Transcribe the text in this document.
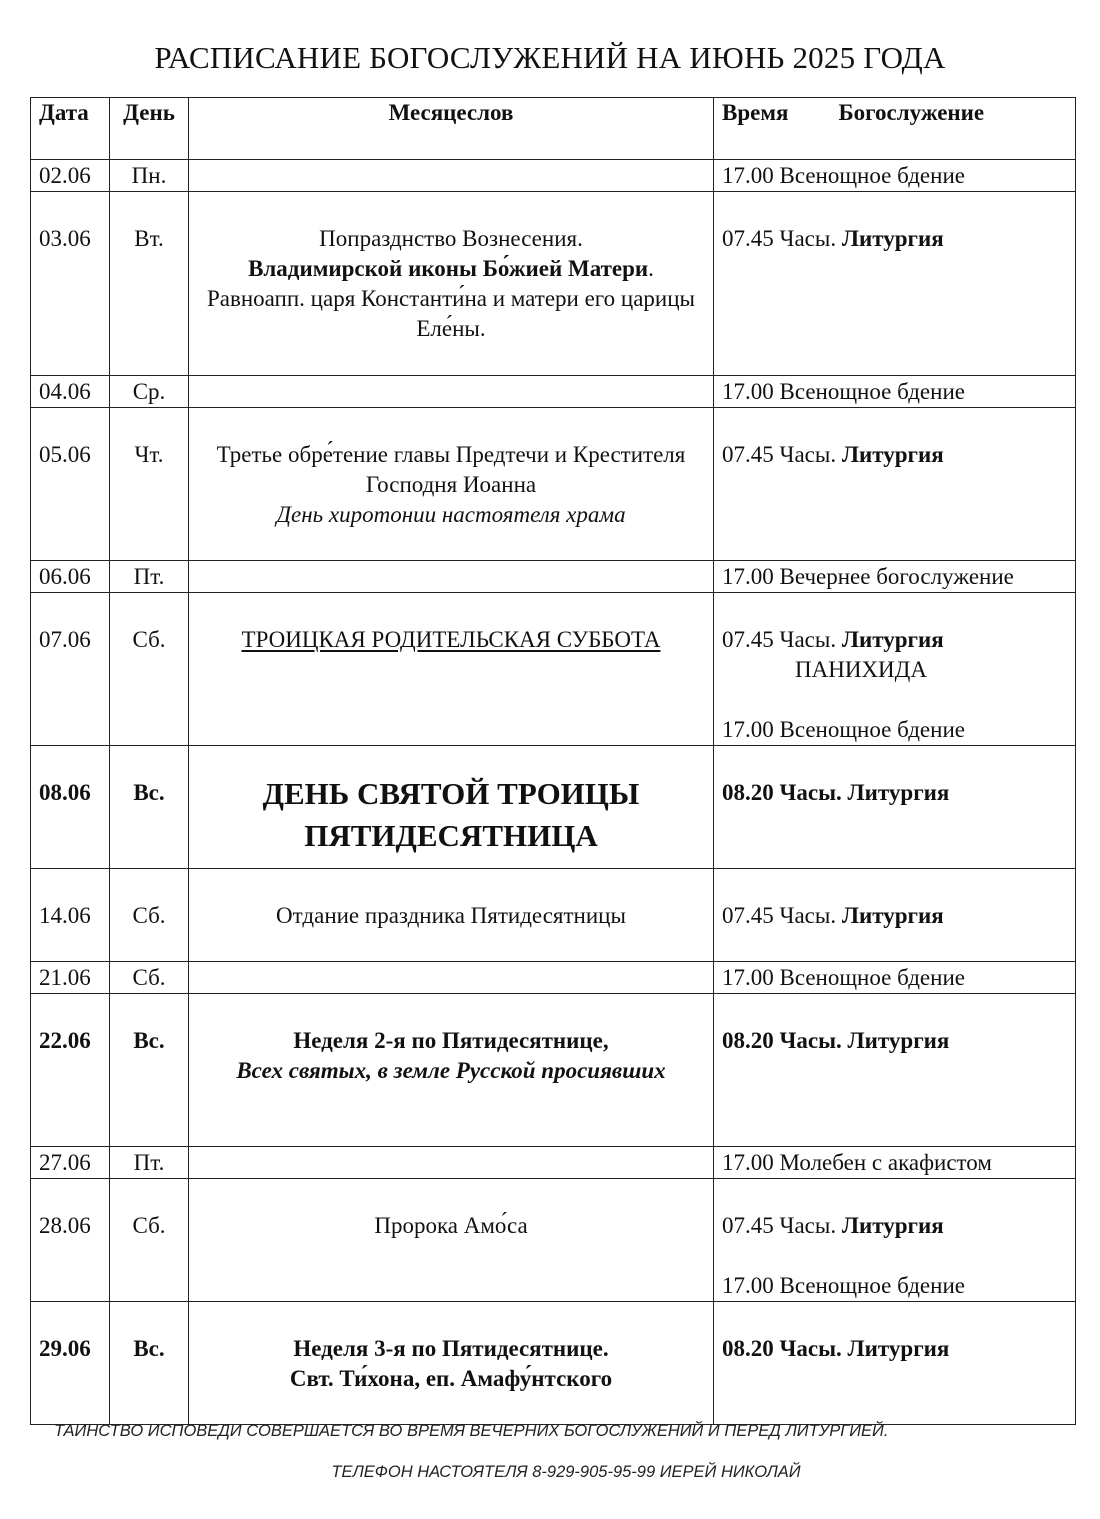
РАСПИСАНИЕ БОГОСЛУЖЕНИЙ НА ИЮНЬ 2025 ГОДА
Дата	День	Месяцеслов	Время Богослужение
02.06	Пн.		17.00 Всенощное бдение

03.06	Вт.	Попразднство Вознесения.
Владимирской иконы Бо́жией Матери.
Равноапп. царя Константи́на и матери его царицы Еле́ны.	07.45 Часы. Литургия

04.06	Ср.		17.00 Всенощное бдение

05.06	Чт.	Третье обре́тение главы Предтечи и Крестителя Господня Иоанна
День хиротонии настоятеля храма	07.45 Часы. Литургия

06.06	Пт.		17.00 Вечернее богослужение

07.06	Сб.	ТРОИЦКАЯ РОДИТЕЛЬСКАЯ СУББОТА	07.45 Часы. Литургия
ПАНИХИДА
17.00 Всенощное бдение

08.06	Вс.	ДЕНЬ СВЯТОЙ ТРОИЦЫ
ПЯТИДЕСЯТНИЦА	08.20 Часы. Литургия

14.06	Сб.	Отдание праздника Пятидесятницы	07.45 Часы. Литургия

21.06	Сб.		17.00 Всенощное бдение

22.06	Вс.	Неделя 2-я по Пятидесятнице,
Всех святых, в земле Русской просиявших	08.20 Часы. Литургия

27.06	Пт.		17.00 Молебен с акафистом

28.06	Сб.	Пророка Амо́са	07.45 Часы. Литургия
17.00 Всенощное бдение

29.06	Вс.	Неделя 3-я по Пятидесятнице.
Свт. Ти́хона, еп. Амафу́нтского	08.20 Часы. Литургия
ТАИНСТВО ИСПОВЕДИ СОВЕРШАЕТСЯ ВО ВРЕМЯ ВЕЧЕРНИХ БОГОСЛУЖЕНИЙ И ПЕРЕД ЛИТУРГИЕЙ.
ТЕЛЕФОН НАСТОЯТЕЛЯ 8-929-905-95-99 ИЕРЕЙ НИКОЛАЙ
